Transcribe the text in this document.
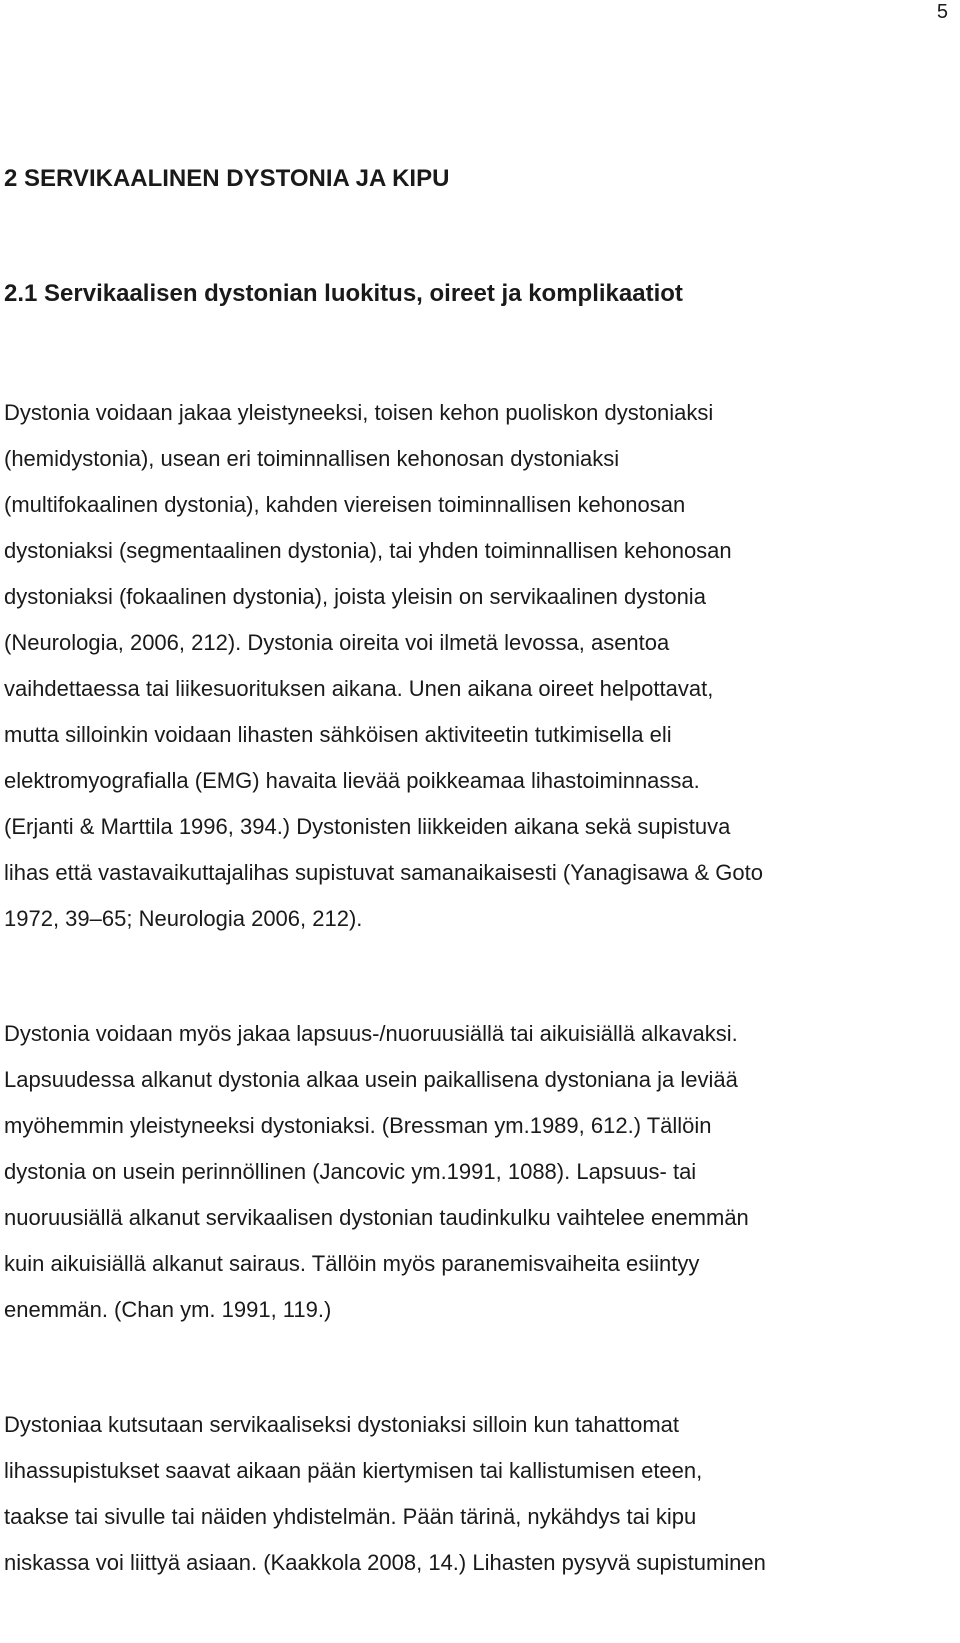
5
2 SERVIKAALINEN DYSTONIA JA KIPU
2.1 Servikaalisen dystonian luokitus, oireet ja komplikaatiot
Dystonia voidaan jakaa yleistyneeksi, toisen kehon puoliskon dystoniaksi
(hemidystonia), usean eri toiminnallisen kehonosan dystoniaksi
(multifokaalinen dystonia), kahden viereisen toiminnallisen kehonosan
dystoniaksi (segmentaalinen dystonia), tai yhden toiminnallisen kehonosan
dystoniaksi (fokaalinen dystonia), joista yleisin on servikaalinen dystonia
(Neurologia, 2006, 212). Dystonia oireita voi ilmetä levossa, asentoa
vaihdettaessa tai liikesuorituksen aikana. Unen aikana oireet helpottavat,
mutta silloinkin voidaan lihasten sähköisen aktiviteetin tutkimisella eli
elektromyografialla (EMG) havaita lievää poikkeamaa lihastoiminnassa.
(Erjanti & Marttila 1996, 394.) Dystonisten liikkeiden aikana sekä supistuva
lihas että vastavaikuttajalihas supistuvat samanaikaisesti (Yanagisawa & Goto
1972, 39–65; Neurologia 2006, 212).
Dystonia voidaan myös jakaa lapsuus-/nuoruusiällä tai aikuisiällä alkavaksi.
Lapsuudessa alkanut dystonia alkaa usein paikallisena dystoniana ja leviää
myöhemmin yleistyneeksi dystoniaksi. (Bressman ym.1989, 612.) Tällöin
dystonia on usein perinnöllinen (Jancovic ym.1991, 1088). Lapsuus- tai
nuoruusiällä alkanut servikaalisen dystonian taudinkulku vaihtelee enemmän
kuin aikuisiällä alkanut sairaus. Tällöin myös paranemisvaiheita esiintyy
enemmän. (Chan ym. 1991, 119.)
Dystoniaa kutsutaan servikaaliseksi dystoniaksi silloin kun tahattomat
lihassupistukset saavat aikaan pään kiertymisen tai kallistumisen eteen,
taakse tai sivulle tai näiden yhdistelmän. Pään tärinä, nykähdys tai kipu
niskassa voi liittyä asiaan. (Kaakkola 2008, 14.) Lihasten pysyvä supistuminen
